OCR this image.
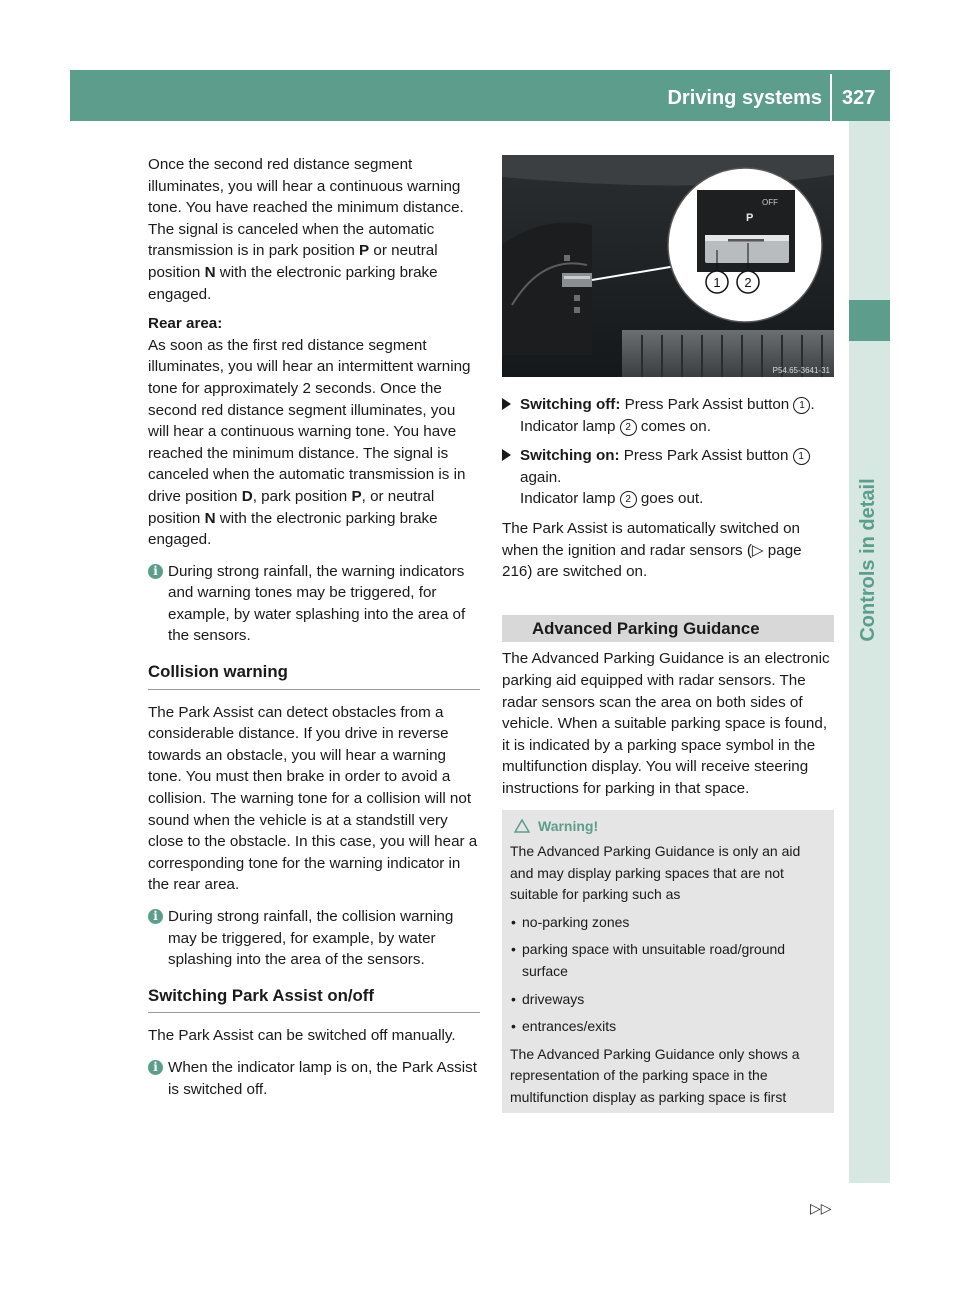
Driving systems 327
Controls in detail

Once the second red distance segment illuminates, you will hear a continuous warning tone. You have reached the minimum distance. The signal is canceled when the automatic transmission is in park position P or neutral position N with the electronic parking brake engaged.

Rear area:
As soon as the first red distance segment illuminates, you will hear an intermittent warning tone for approximately 2 seconds. Once the second red distance segment illuminates, you will hear a continuous warning tone. You have reached the minimum distance. The signal is canceled when the automatic transmission is in drive position D, park position P, or neutral position N with the electronic parking brake engaged.

i During strong rainfall, the warning indicators and warning tones may be triggered, for example, by water splashing into the area of the sensors.
Collision warning

The Park Assist can detect obstacles from a considerable distance. If you drive in reverse towards an obstacle, you will hear a warning tone. You must then brake in order to avoid a collision. The warning tone for a collision will not sound when the vehicle is at a standstill very close to the obstacle. In this case, you will hear a corresponding tone for the warning indicator in the rear area.

i During strong rainfall, the collision warning may be triggered, for example, by water splashing into the area of the sensors.
Switching Park Assist on/off

The Park Assist can be switched off manually.

i When the indicator lamp is on, the Park Assist is switched off.
OFF
P
1 2
P54.65-3641-31
Switching off: Press Park Assist button 1 .
Indicator lamp 2 comes on.
Switching on: Press Park Assist button 1 again.
Indicator lamp 2 goes out.

The Park Assist is automatically switched on when the ignition and radar sensors (▷ page 216) are switched on.

Advanced Parking Guidance

The Advanced Parking Guidance is an electronic parking aid equipped with radar sensors. The radar sensors scan the area on both sides of vehicle. When a suitable parking space is found, it is indicated by a parking space symbol in the multifunction display. You will receive steering instructions for parking in that space.

Warning!

The Advanced Parking Guidance is only an aid and may display parking spaces that are not suitable for parking such as

• no-parking zones
• parking space with unsuitable road/ground surface
• driveways
• entrances/exits

The Advanced Parking Guidance only shows a representation of the parking space in the multifunction display as parking space is first

▷▷
